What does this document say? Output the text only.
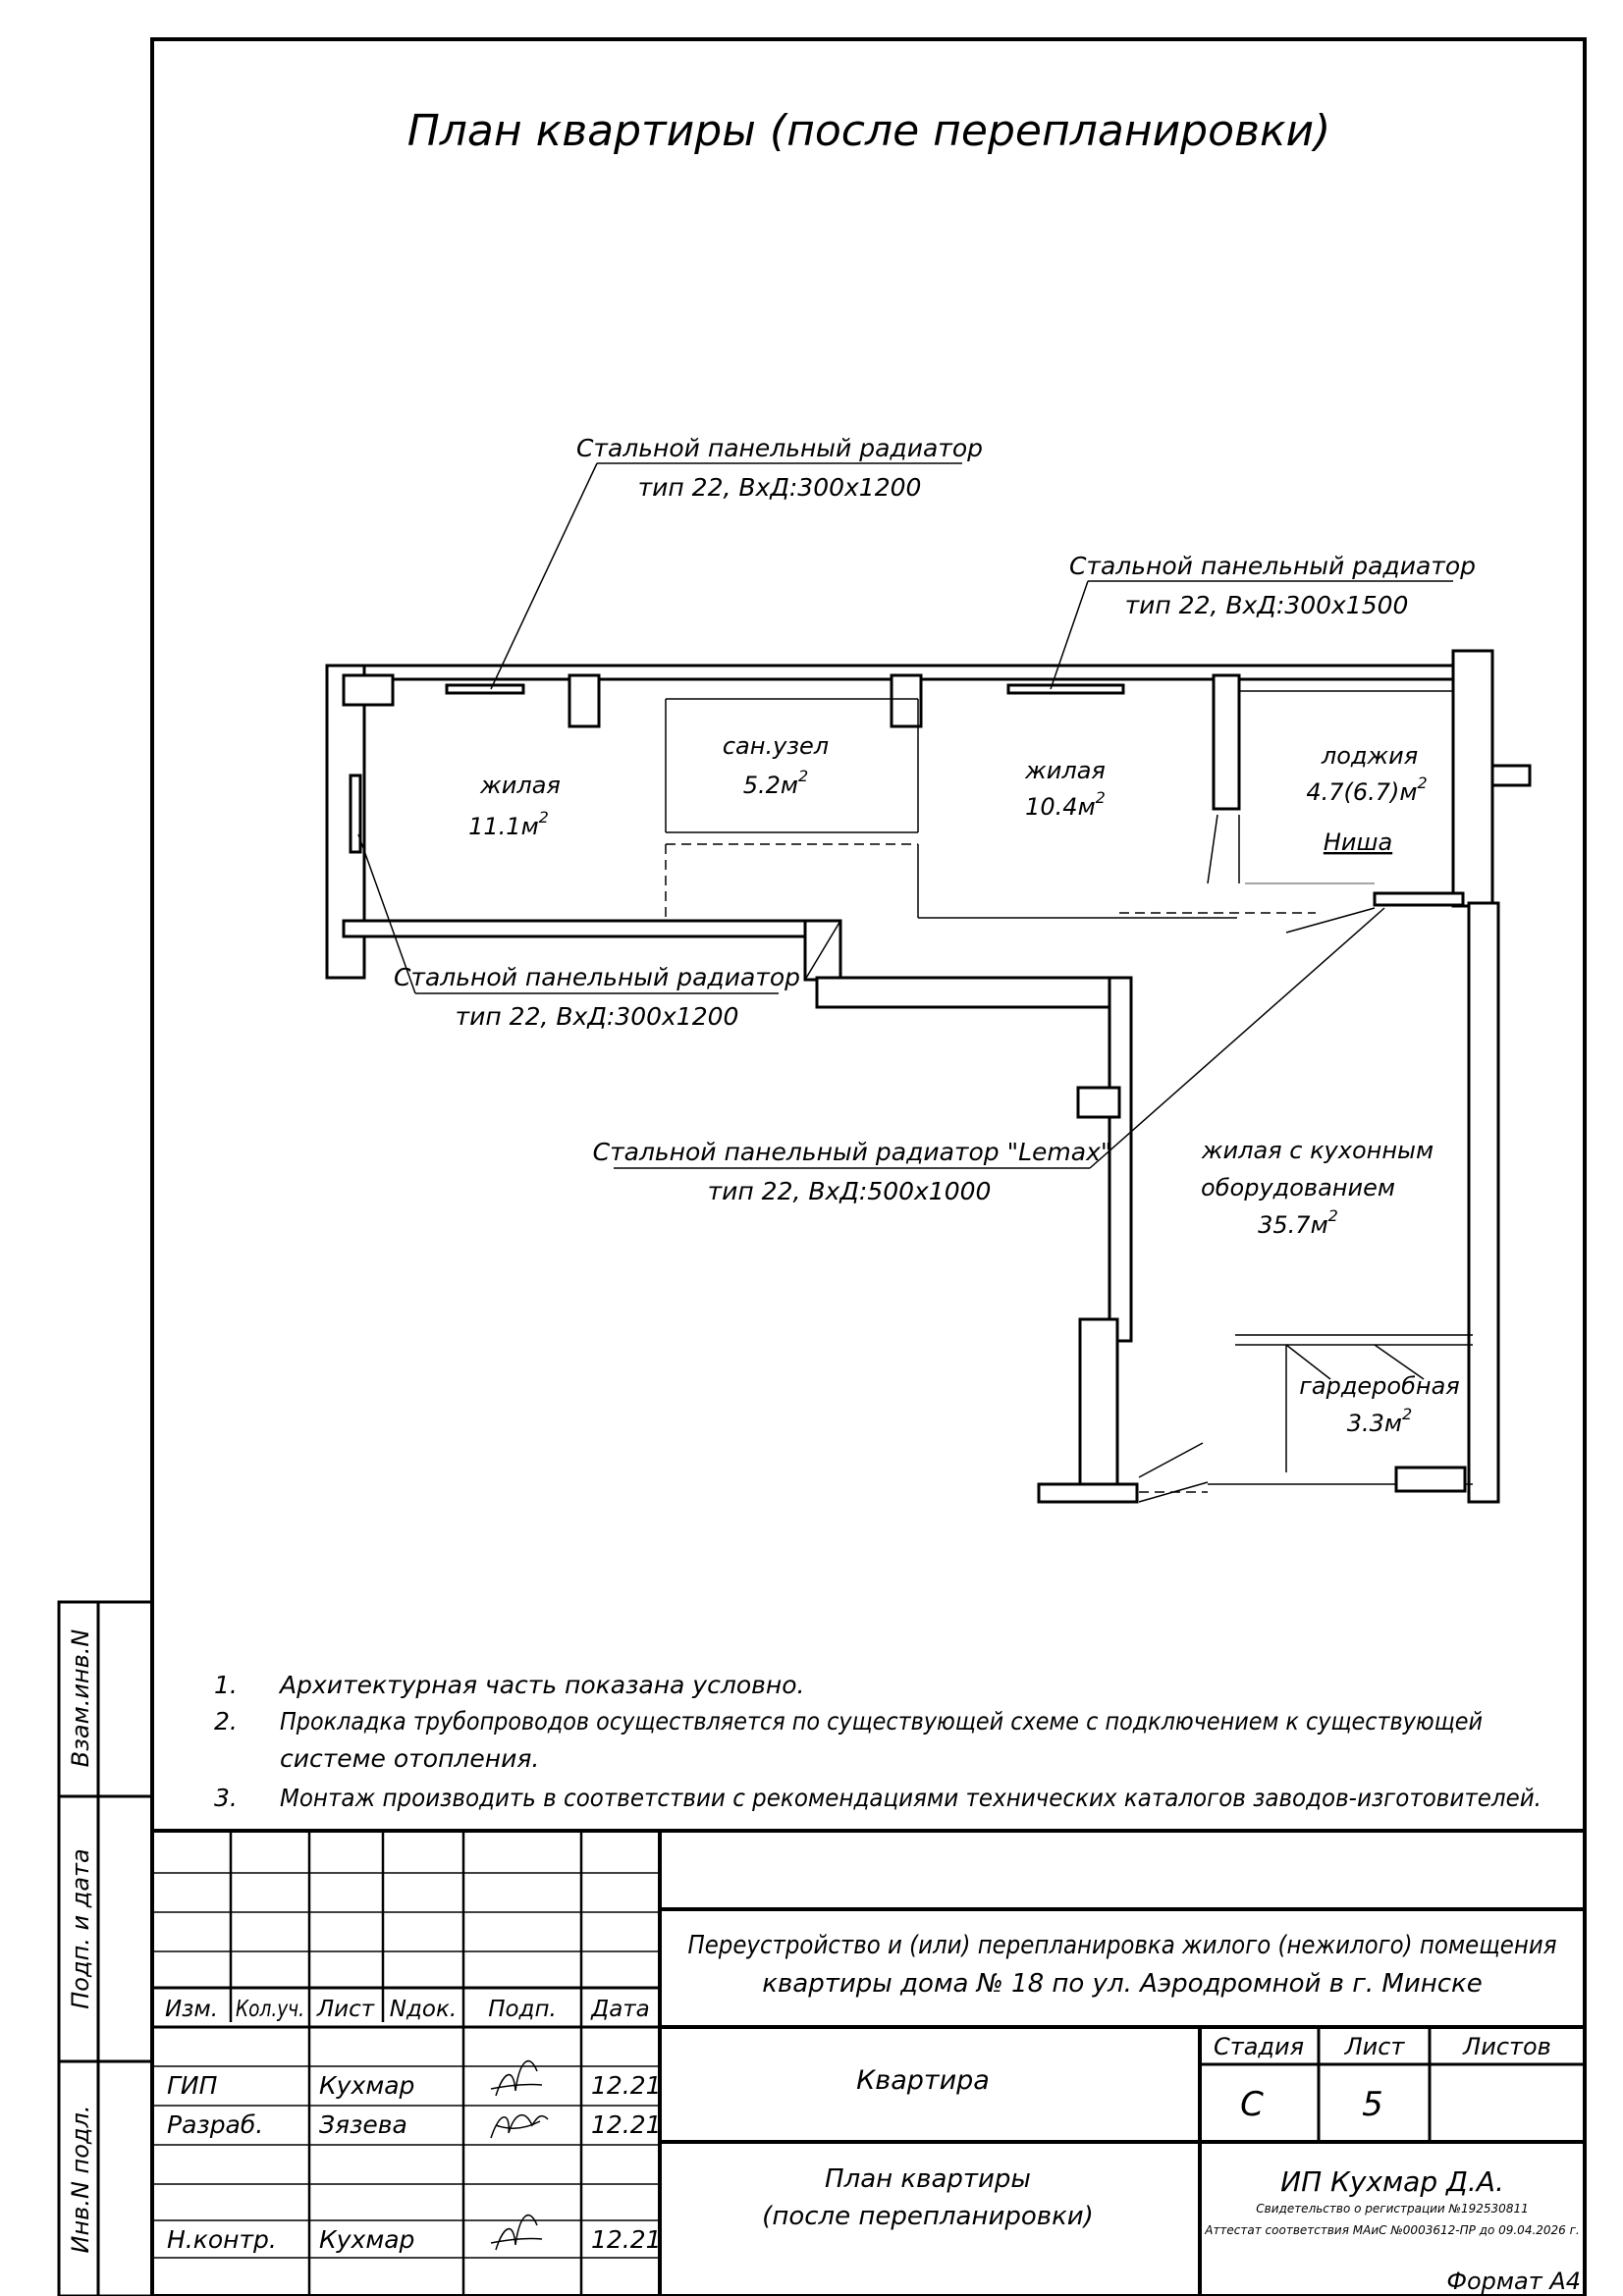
План квартиры (после перепланировки)
жилая
$11.1м^2$
сан.узел
$5.2м^2$	жилая
$10.4м^2$
лоджия
$4.7(6.7)м^2$
Ниша
жилая с кухонным
оборудованием
$35.7м^2$
гардеробная
$3.3м^2$
Стальной панельный радиатор
тип 22, ВхД:300х1200
Стальной панельный радиатор
тип 22, ВхД:300х1500
Стальной панельный радиатор
тип 22, ВхД:300х1200
Стальной панельный радиатор "Lemax"
тип 22, ВхД:500х1000
1. Архитектурная часть показана условно.
2. Прокладка трубопроводов осуществляется по существующей схеме с подключением к существующей
системе отопления.
3. Монтаж производить в соответствии с рекомендациями технических каталогов заводов-изготовителей.
Взам.инв.N
Подп. и дата
Инв.N подл.
Изм. Кол.уч. Лист Nдок. Подп. Дата
ГИП	Кухмар	12.21
Разраб. Зязева	12.21
Н.контр. Кухмар	12.21
Переустройство и (или) перепланировка жилого (нежилого) помещения
квартиры дома № 18 по ул. Аэродромной в г. Минске
Квартира
Стадия Лист Листов
С	5
План квартиры
(после перепланировки)
ИП Кухмар Д.А.
Свидетельство о регистрации №192530811
Аттестат соответствия МАиС №0003612-ПР до 09.04.2026 г.
Формат А4
